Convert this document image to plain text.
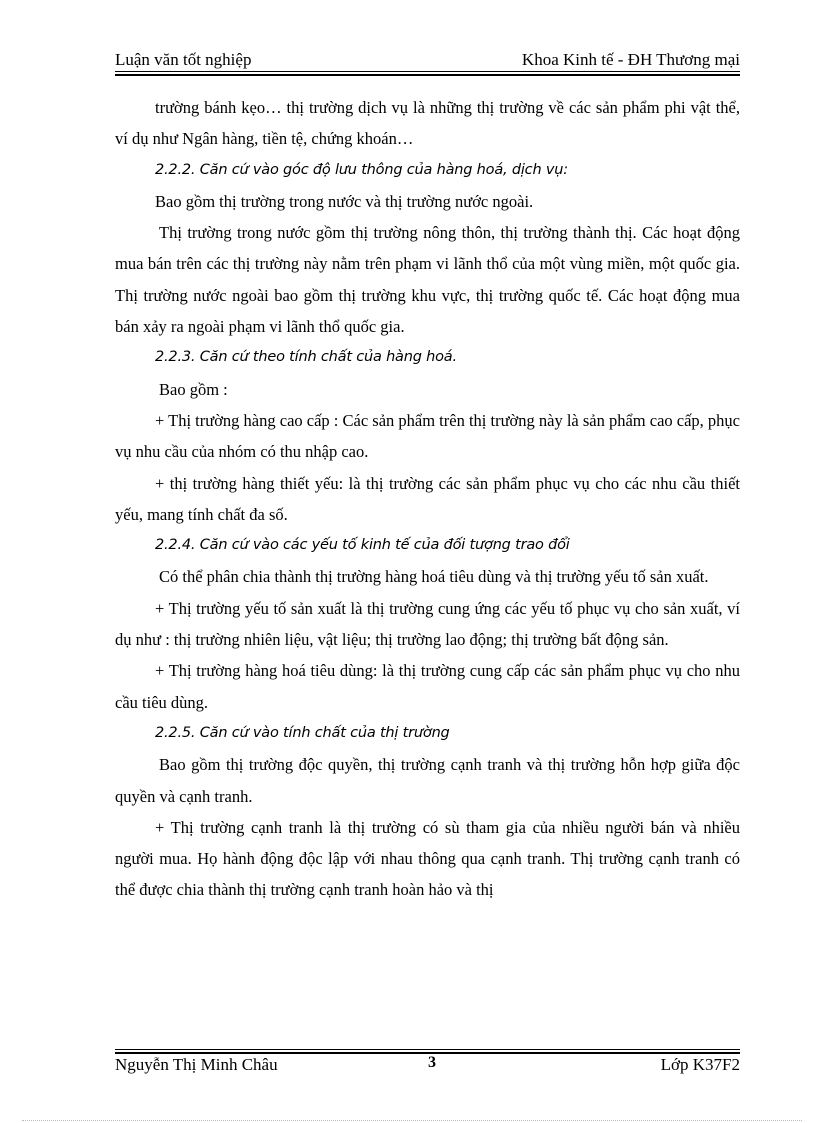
Luận văn tốt nghiệp	Khoa Kinh tế - ĐH Thương mại

trường bánh kẹo… thị trường dịch vụ là những thị trường về các sản phẩm phi vật thể, ví dụ như Ngân hàng, tiền tệ, chứng khoán…

2.2.2. Căn cứ vào góc độ lưu thông của hàng hoá, dịch vụ:

Bao gồm thị trường trong nước và thị trường nước ngoài.

Thị trường trong nước gồm thị trường nông thôn, thị trường thành thị. Các hoạt động mua bán trên các thị trường này nằm trên phạm vi lãnh thổ của một vùng miền, một quốc gia. Thị trường nước ngoài bao gồm thị trường khu vực, thị trường quốc tế. Các hoạt động mua bán xảy ra ngoài phạm vi lãnh thổ quốc gia.

2.2.3. Căn cứ theo tính chất của hàng hoá.

Bao gồm :

+ Thị trường hàng cao cấp : Các sản phẩm trên thị trường này là sản phẩm cao cấp, phục vụ nhu cầu của nhóm có thu nhập cao.

+ thị trường hàng thiết yếu: là thị trường các sản phẩm phục vụ cho các nhu cầu thiết yếu, mang tính chất đa số.

2.2.4. Căn cứ vào các yếu tố kinh tế của đối tượng trao đổi

Có thể phân chia thành thị trường hàng hoá tiêu dùng và thị trường yếu tố sản xuất.

+ Thị trường yếu tố sản xuất là thị trường cung ứng các yếu tố phục vụ cho sản xuất, ví dụ như : thị trường nhiên liệu, vật liệu; thị trường lao động; thị trường bất động sản.

+ Thị trường hàng hoá tiêu dùng: là thị trường cung cấp các sản phẩm phục vụ cho nhu cầu tiêu dùng.

2.2.5. Căn cứ vào tính chất của thị trường

Bao gồm thị trường độc quyền, thị trường cạnh tranh và thị trường hỗn hợp giữa độc quyền và cạnh tranh.

+ Thị trường cạnh tranh là thị trường có sù tham gia của nhiều người bán và nhiều người mua. Họ hành động độc lập với nhau thông qua cạnh tranh. Thị trường cạnh tranh có thể được chia thành thị trường cạnh tranh hoàn hảo và thị

Nguyễn Thị Minh Châu	3	Lớp K37F2
